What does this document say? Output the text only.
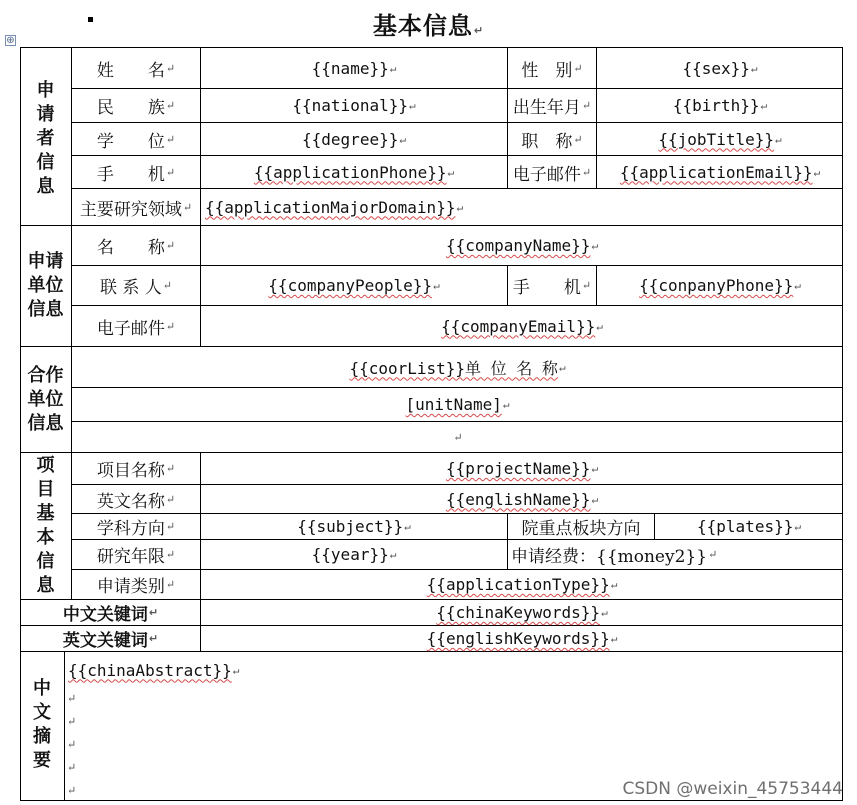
基本信息↵
⊕
申
请
者
信
息
姓　　名 ↵	{{name}} ↵	性　别 ↵	{{sex}} ↵
民　　族 ↵	{{national}} ↵	出生年月 ↵	{{birth}} ↵
学　　位 ↵	{{degree}} ↵	职　称 ↵	{{jobTitle}} ↵
手　　机 ↵	{{applicationPhone}} ↵	电子邮件 ↵ {{applicationEmail}} ↵
主要研究领域 ↵ {{applicationMajorDomain}} ↵
申请
单位
信息
名　　称 ↵	{{companyName}} ↵
联 系 人 ↵	{{companyPeople}} ↵	手　　机 ↵	{{conpanyPhone}} ↵
电子邮件 ↵	{{companyEmail}} ↵
合作
单位
信息
{{coorList}}单 位 名 称 ↵
[unitName] ↵
↵
项
目
基
本
信
息
项目名称 ↵	{{projectName}} ↵
英文名称 ↵	{{englishName}} ↵
学科方向 ↵	{{subject}} ↵	院重点板块方向	{{plates}} ↵
研究年限 ↵	{{year}} ↵	申请经费：{{money2}} ↵
申请类别 ↵	{{applicationType}} ↵
中文关键词 ↵	{{chinaKeywords}} ↵
英文关键词 ↵	{{englishKeywords}} ↵
中
文
摘
要
{{chinaAbstract}} ↵
↵
↵
↵
↵
↵	CSDN @weixin_45753444
